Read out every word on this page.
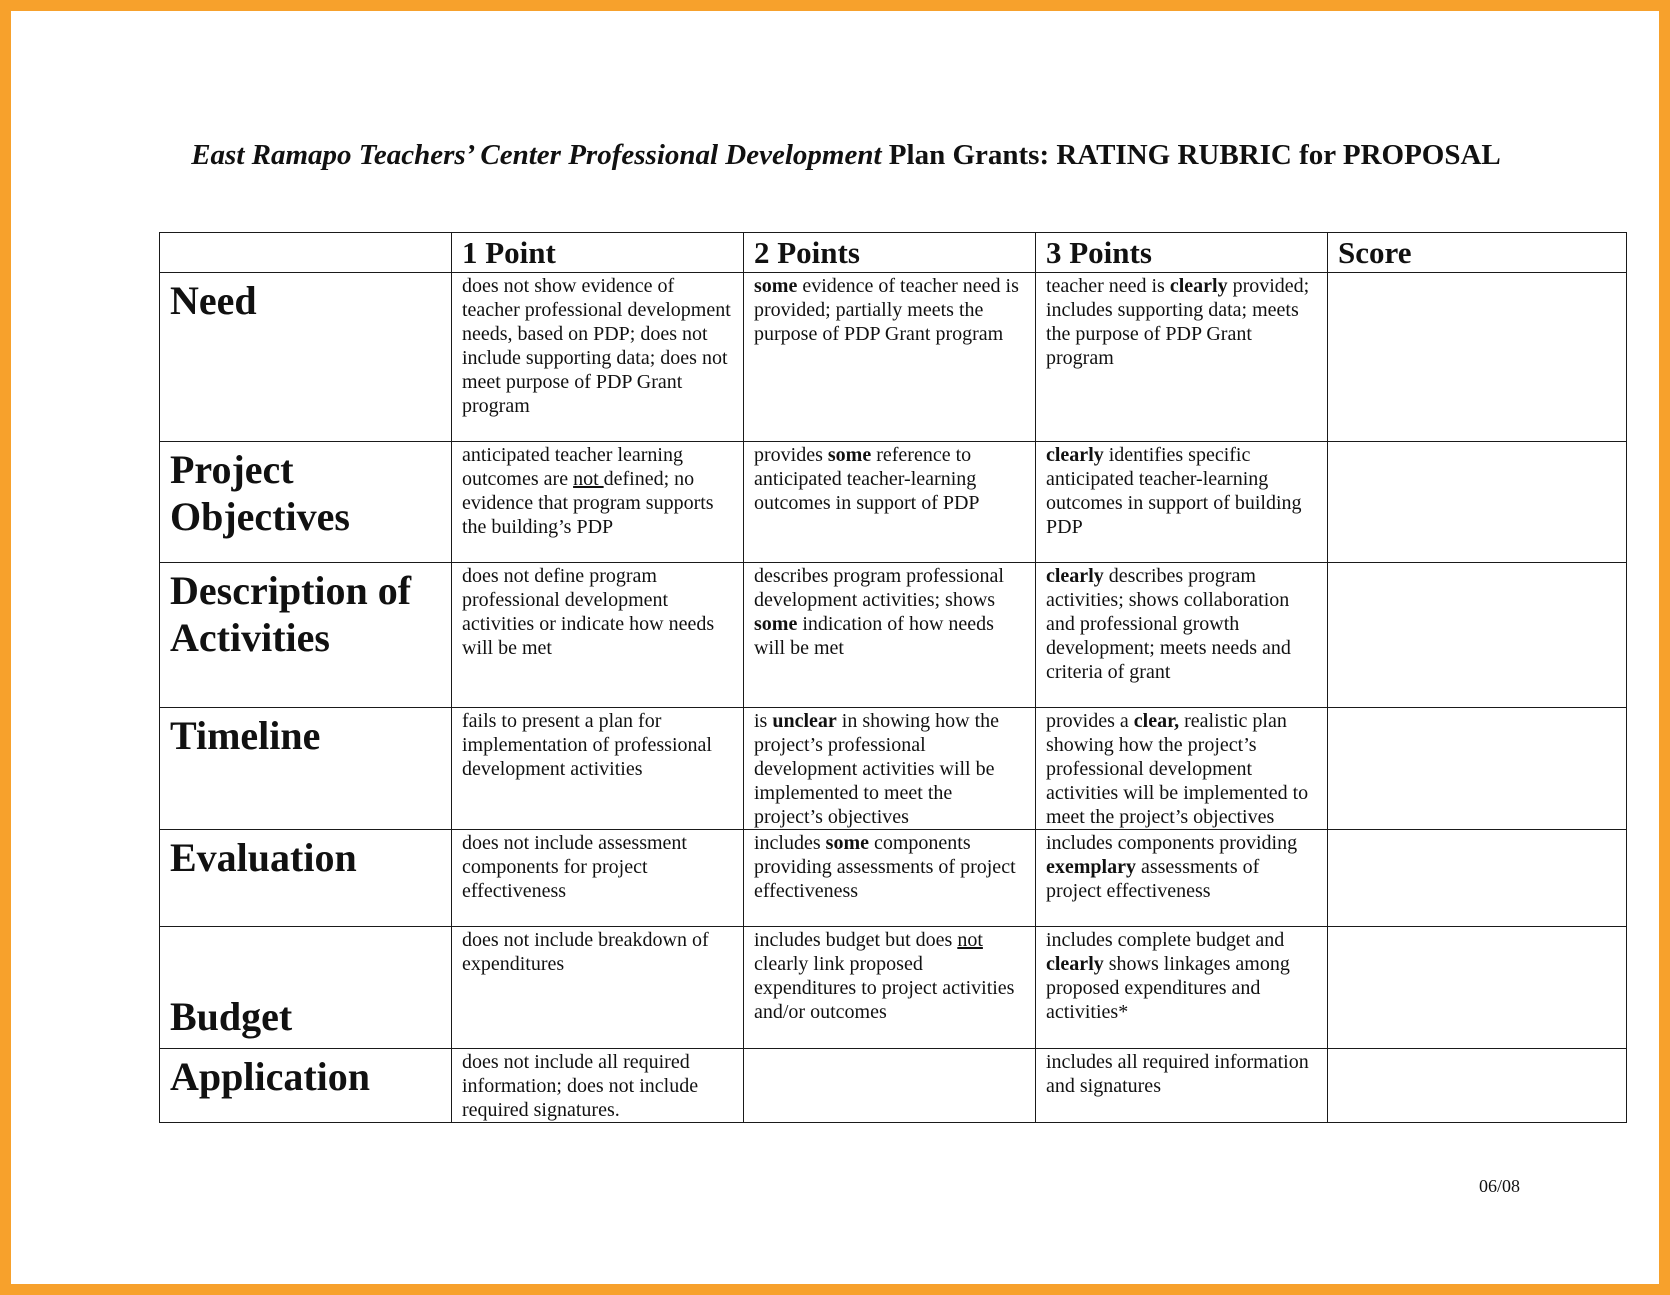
East Ramapo Teachers’ Center Professional Development Plan Grants: RATING RUBRIC for PROPOSAL
	1 Point	2 Points	3 Points	Score
Need	does not show evidence of teacher professional development needs, based on PDP; does not include supporting data; does not meet purpose of PDP Grant program	some evidence of teacher need is provided; partially meets the purpose of PDP Grant program	teacher need is clearly provided; includes supporting data; meets the purpose of PDP Grant program	
Project Objectives	anticipated teacher learning outcomes are not defined; no evidence that program supports the building’s PDP	provides some reference to anticipated teacher-learning outcomes in support of PDP	clearly identifies specific anticipated teacher-learning outcomes in support of building PDP	
Description of Activities	does not define program professional development activities or indicate how needs will be met	describes program professional development activities; shows some indication of how needs will be met	clearly describes program activities; shows collaboration and professional growth development; meets needs and criteria of grant	
Timeline	fails to present a plan for implementation of professional development activities	is unclear in showing how the project’s professional development activities will be implemented to meet the project’s objectives	provides a clear, realistic plan showing how the project’s professional development activities will be implemented to meet the project’s objectives	
Evaluation	does not include assessment components for project effectiveness	includes some components providing assessments of project effectiveness	includes components providing exemplary assessments of project effectiveness	
Budget	does not include breakdown of expenditures	includes budget but does not clearly link proposed expenditures to project activities and/or outcomes	includes complete budget and clearly shows linkages among proposed expenditures and activities*	
Application	does not include all required information; does not include required signatures.		includes all required information and signatures	
06/08
